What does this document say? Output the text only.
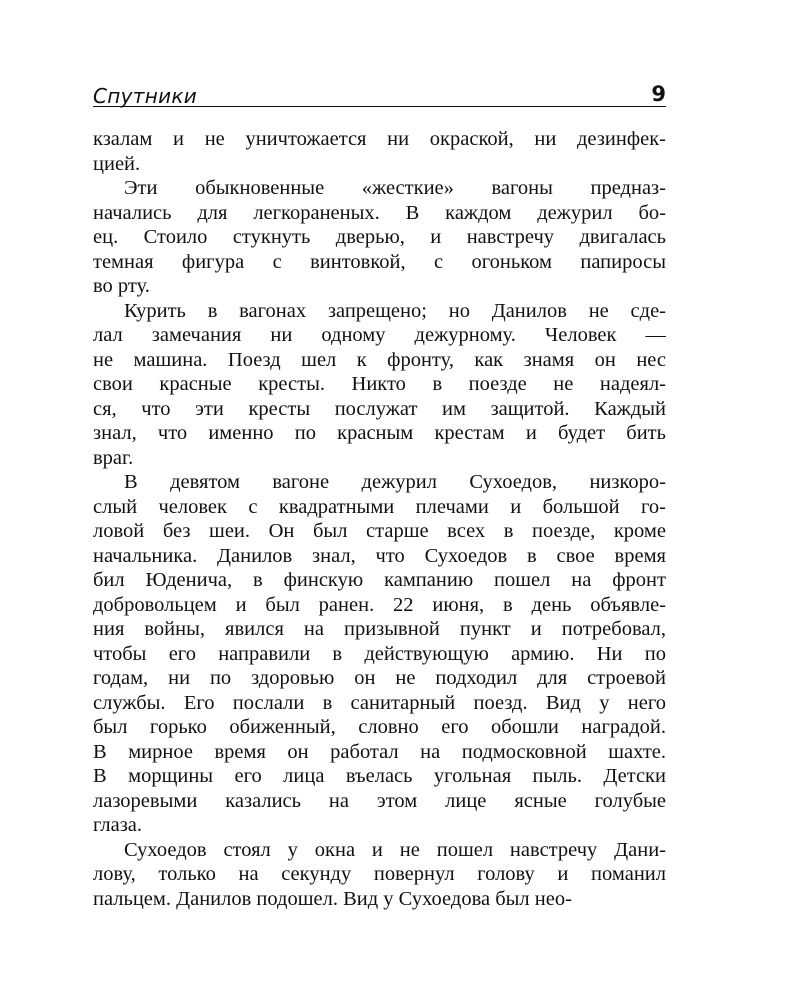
Спутники	9
кзалам и не уничтожается ни окраской, ни дезинфек-
цией.
Эти обыкновенные «жесткие» вагоны предназ-
начались для легкораненых. В каждом дежурил бо-
ец. Стоило стукнуть дверью, и навстречу двигалась
темная фигура с винтовкой, с огоньком папиросы
во рту.
Курить в вагонах запрещено; но Данилов не сде-
лал замечания ни одному дежурному. Человек —
не машина. Поезд шел к фронту, как знамя он нес
свои красные кресты. Никто в поезде не надеял-
ся, что эти кресты послужат им защитой. Каждый
знал, что именно по красным крестам и будет бить
враг.
В девятом вагоне дежурил Сухоедов, низкоро-
слый человек с квадратными плечами и большой го-
ловой без шеи. Он был старше всех в поезде, кроме
начальника. Данилов знал, что Сухоедов в свое время
бил Юденича, в финскую кампанию пошел на фронт
добровольцем и был ранен. 22 июня, в день объявле-
ния войны, явился на призывной пункт и потребовал,
чтобы его направили в действующую армию. Ни по
годам, ни по здоровью он не подходил для строевой
службы. Его послали в санитарный поезд. Вид у него
был горько обиженный, словно его обошли наградой.
В мирное время он работал на подмосковной шахте.
В морщины его лица въелась угольная пыль. Детски
лазоревыми казались на этом лице ясные голубые
глаза.
Сухоедов стоял у окна и не пошел навстречу Дани-
лову, только на секунду повернул голову и поманил
пальцем. Данилов подошел. Вид у Сухоедова был нео-
